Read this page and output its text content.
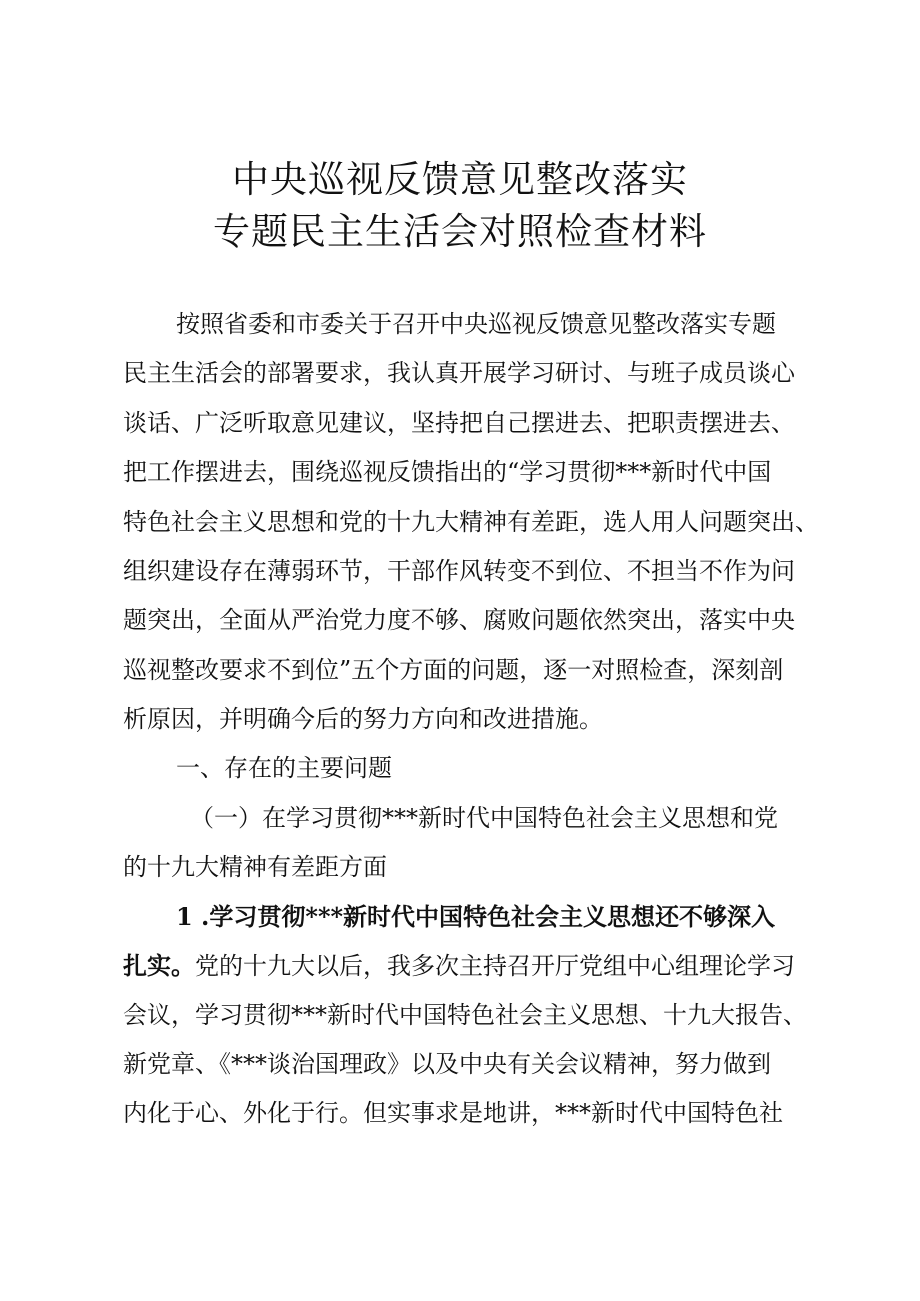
中央巡视反馈意见整改落实
专题民主生活会对照检查材料

按照省委和市委关于召开中央巡视反馈意见整改落实专题

民主生活会的部署要求，我认真开展学习研讨、与班子成员谈心

谈话、广泛听取意见建议，坚持把自己摆进去、把职责摆进去、

把工作摆进去，围绕巡视反馈指出的“学习贯彻***新时代中国

特色社会主义思想和党的十九大精神有差距，选人用人问题突出、

组织建设存在薄弱环节，干部作风转变不到位、不担当不作为问

题突出，全面从严治党力度不够、腐败问题依然突出，落实中央

巡视整改要求不到位”五个方面的问题，逐一对照检查，深刻剖

析原因，并明确今后的努力方向和改进措施。

一、存在的主要问题

（一）在学习贯彻***新时代中国特色社会主义思想和党

的十九大精神有差距方面

1 .学习贯彻***新时代中国特色社会主义思想还不够深入

扎实。党的十九大以后，我多次主持召开厅党组中心组理论学习

会议，学习贯彻***新时代中国特色社会主义思想、十九大报告、

新党章、《***谈治国理政》以及中央有关会议精神，努力做到

内化于心、外化于行。但实事求是地讲，***新时代中国特色社
